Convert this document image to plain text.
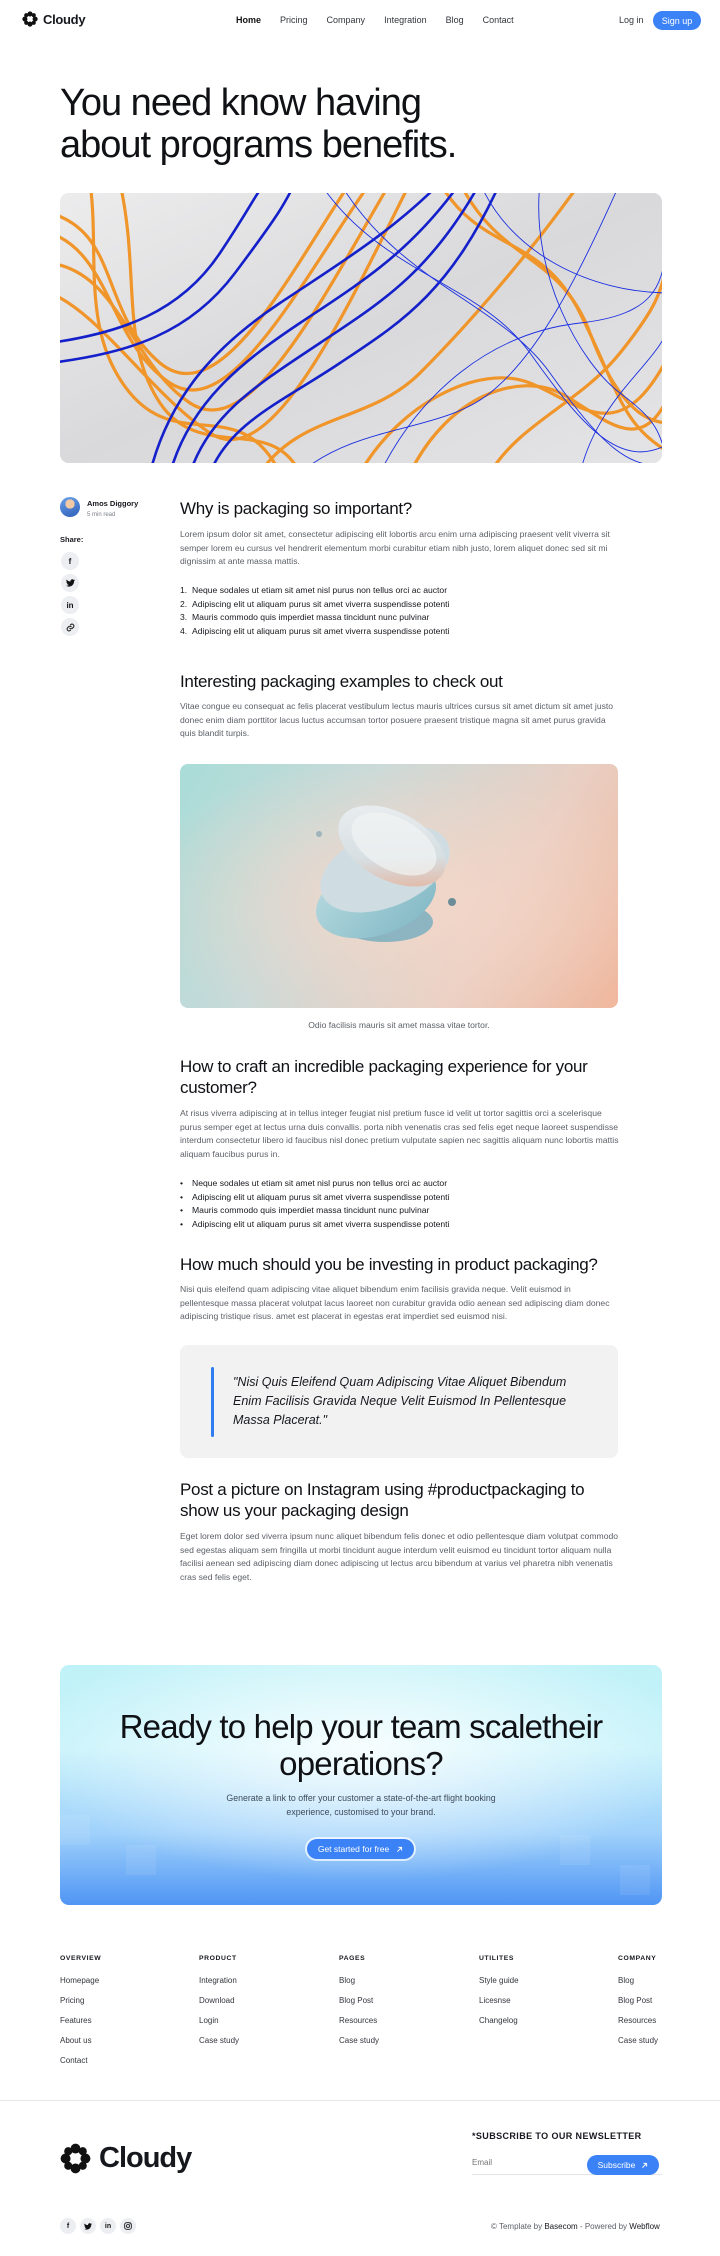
Cloudy	Home Pricing Company Integration Blog Contact	Log in	Sign up
You need know having about programs benefits.
Amos Diggory
5 min read
Share:
f
in
Why is packaging so important?

Lorem ipsum dolor sit amet, consectetur adipiscing elit lobortis arcu enim urna adipiscing praesent velit viverra sit semper lorem eu cursus vel hendrerit elementum morbi curabitur etiam nibh justo, lorem aliquet donec sed sit mi dignissim at ante massa mattis.

1. Neque sodales ut etiam sit amet nisl purus non tellus orci ac auctor
2. Adipiscing elit ut aliquam purus sit amet viverra suspendisse potenti
3. Mauris commodo quis imperdiet massa tincidunt nunc pulvinar
4. Adipiscing elit ut aliquam purus sit amet viverra suspendisse potenti
Interesting packaging examples to check out

Vitae congue eu consequat ac felis placerat vestibulum lectus mauris ultrices cursus sit amet dictum sit amet justo donec enim diam porttitor lacus luctus accumsan tortor posuere praesent tristique magna sit amet purus gravida quis blandit turpis.

Odio facilisis mauris sit amet massa vitae tortor.
How to craft an incredible packaging experience for your customer?

At risus viverra adipiscing at in tellus integer feugiat nisl pretium fusce id velit ut tortor sagittis orci a scelerisque purus semper eget at lectus urna duis convallis. porta nibh venenatis cras sed felis eget neque laoreet suspendisse interdum consectetur libero id faucibus nisl donec pretium vulputate sapien nec sagittis aliquam nunc lobortis mattis aliquam faucibus purus in.

•	Neque sodales ut etiam sit amet nisl purus non tellus orci ac auctor
•	Adipiscing elit ut aliquam purus sit amet viverra suspendisse potenti
•	Mauris commodo quis imperdiet massa tincidunt nunc pulvinar
•	Adipiscing elit ut aliquam purus sit amet viverra suspendisse potenti
How much should you be investing in product packaging?

Nisi quis eleifend quam adipiscing vitae aliquet bibendum enim facilisis gravida neque. Velit euismod in pellentesque massa placerat volutpat lacus laoreet non curabitur gravida odio aenean sed adipiscing diam donec adipiscing tristique risus. amet est placerat in egestas erat imperdiet sed euismod nisi.

"Nisi Quis Eleifend Quam Adipiscing Vitae Aliquet Bibendum Enim Facilisis Gravida Neque Velit Euismod In Pellentesque Massa Placerat."
Post a picture on Instagram using #productpackaging to show us your packaging design

Eget lorem dolor sed viverra ipsum nunc aliquet bibendum felis donec et odio pellentesque diam volutpat commodo sed egestas aliquam sem fringilla ut morbi tincidunt augue interdum velit euismod eu tincidunt tortor aliquam nulla facilisi aenean sed adipiscing diam donec adipiscing ut lectus arcu bibendum at varius vel pharetra nibh venenatis cras sed felis eget.

Ready to help your team scaletheir operations?
Generate a link to offer your customer a state-of-the-art flight booking experience, customised to your brand.
Get started for free
OVERVIEW
Homepage
Pricing
Features
About us
Contact
PRODUCT
Integration
Download
Login
Case study
PAGES
Blog
Blog Post
Resources
Case study
UTILITES
Style guide
Licesnse
Changelog
COMPANY
Blog
Blog Post
Resources
Case study
Cloudy
*SUBSCRIBE TO OUR NEWSLETTER
Email
Subscribe
f	in	© Template by Basecom - Powered by Webflow
